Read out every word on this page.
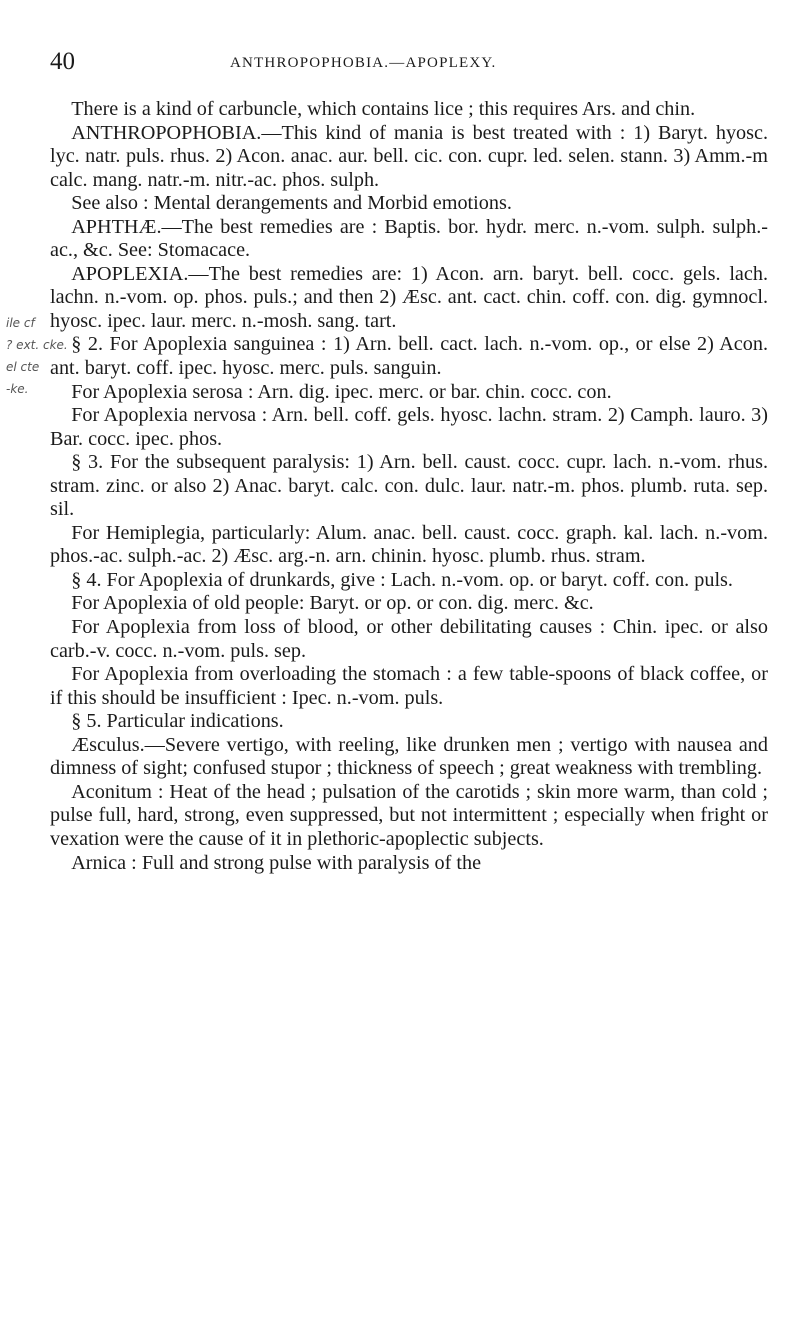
40	ANTHROPOPHOBIA.—APOPLEXY.
ile cf
? ext. cke.
el cte
-ke.

There is a kind of carbuncle, which contains lice ; this requires Ars. and chin.

ANTHROPOPHOBIA.—This kind of mania is best treated with : 1) Baryt. hyosc. lyc. natr. puls. rhus. 2) Acon. anac. aur. bell. cic. con. cupr. led. selen. stann. 3) Amm.-m calc. mang. natr.-m. nitr.-ac. phos. sulph.

See also : Mental derangements and Morbid emotions.

APHTHÆ.—The best remedies are : Baptis. bor. hydr. merc. n.-vom. sulph. sulph.-ac., &c. See: Stomacace.

APOPLEXIA.—The best remedies are: 1) Acon. arn. baryt. bell. cocc. gels. lach. lachn. n.-vom. op. phos. puls.; and then 2) Æsc. ant. cact. chin. coff. con. dig. gymnocl. hyosc. ipec. laur. merc. n.-mosh. sang. tart.

§ 2. For Apoplexia sanguinea : 1) Arn. bell. cact. lach. n.-vom. op., or else 2) Acon. ant. baryt. coff. ipec. hyosc. merc. puls. sanguin.

For Apoplexia serosa : Arn. dig. ipec. merc. or bar. chin. cocc. con.

For Apoplexia nervosa : Arn. bell. coff. gels. hyosc. lachn. stram. 2) Camph. lauro. 3) Bar. cocc. ipec. phos.

§ 3. For the subsequent paralysis: 1) Arn. bell. caust. cocc. cupr. lach. n.-vom. rhus. stram. zinc. or also 2) Anac. baryt. calc. con. dulc. laur. natr.-m. phos. plumb. ruta. sep. sil.

For Hemiplegia, particularly: Alum. anac. bell. caust. cocc. graph. kal. lach. n.-vom. phos.-ac. sulph.-ac. 2) Æsc. arg.-n. arn. chinin. hyosc. plumb. rhus. stram.

§ 4. For Apoplexia of drunkards, give : Lach. n.-vom. op. or baryt. coff. con. puls.

For Apoplexia of old people: Baryt. or op. or con. dig. merc. &c.

For Apoplexia from loss of blood, or other debilitating causes : Chin. ipec. or also carb.-v. cocc. n.-vom. puls. sep.

For Apoplexia from overloading the stomach : a few table-spoons of black coffee, or if this should be insufficient : Ipec. n.-vom. puls.

§ 5. Particular indications.

Æsculus.—Severe vertigo, with reeling, like drunken men ; vertigo with nausea and dimness of sight; confused stupor ; thickness of speech ; great weakness with trembling.

Aconitum : Heat of the head ; pulsation of the carotids ; skin more warm, than cold ; pulse full, hard, strong, even suppressed, but not intermittent ; especially when fright or vexation were the cause of it in plethoric-apoplectic subjects.

Arnica : Full and strong pulse with paralysis of the
